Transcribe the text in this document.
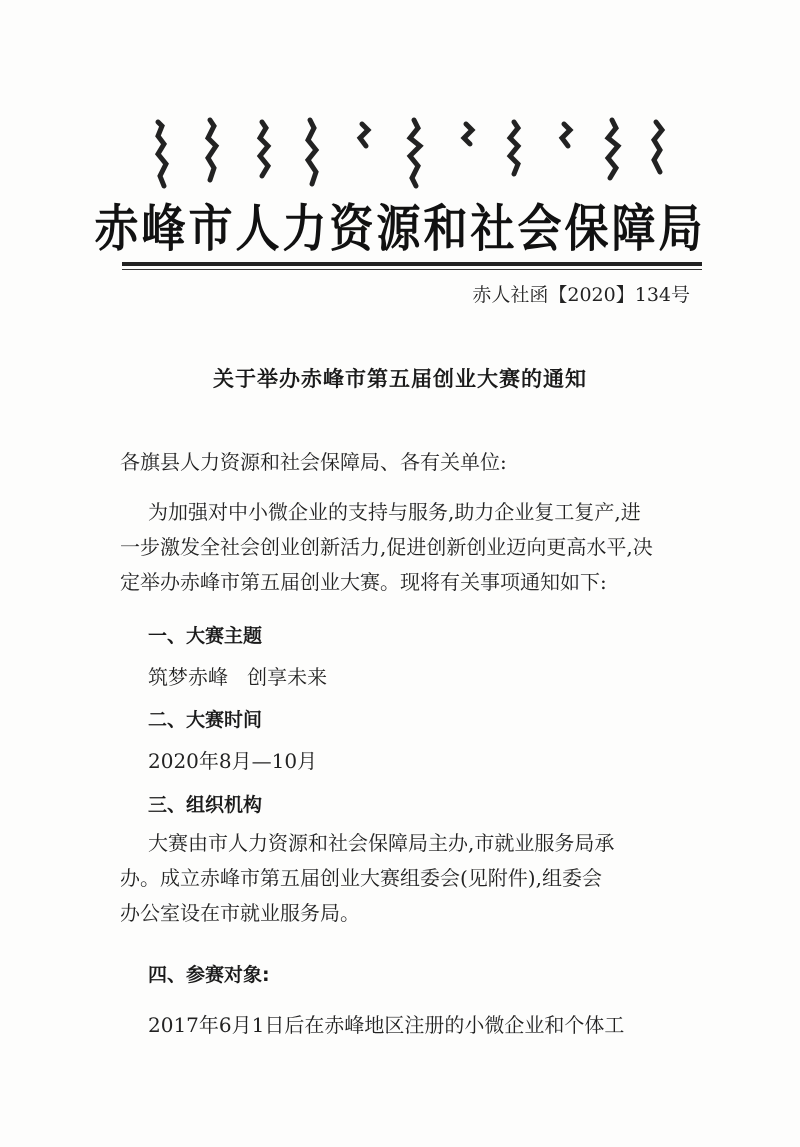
赤峰市人力资源和社会保障局
赤人社函【2020】134号
关于举办赤峰市第五届创业大赛的通知
各旗县人力资源和社会保障局、各有关单位:
为加强对中小微企业的支持与服务,助力企业复工复产,进
一步激发全社会创业创新活力,促进创新创业迈向更高水平,决
定举办赤峰市第五届创业大赛。现将有关事项通知如下:
一、大赛主题
筑梦赤峰   创享未来
二、大赛时间
2020年8月—10月
三、组织机构
大赛由市人力资源和社会保障局主办,市就业服务局承
办。成立赤峰市第五届创业大赛组委会(见附件),组委会
办公室设在市就业服务局。
四、参赛对象:
2017年6月1日后在赤峰地区注册的小微企业和个体工
